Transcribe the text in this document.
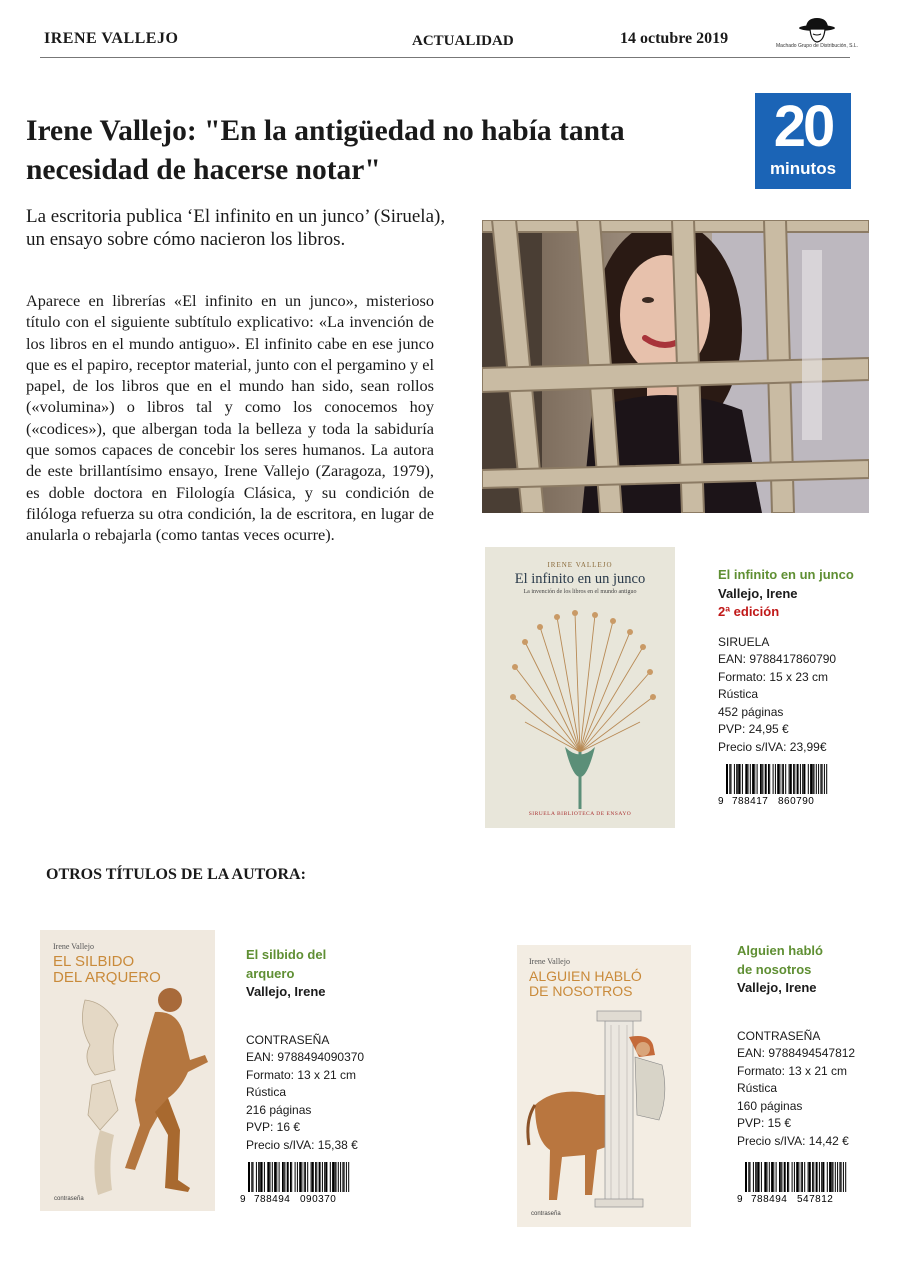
IRENE VALLEJO	ACTUALIDAD	14 octubre 2019	Machado Grupo de Distribución, S.L.
20
minutos
Irene Vallejo: "En la antigüedad no había tanta necesidad de hacerse notar"
La escritoria publica ‘El infinito en un junco’ (Siruela), un ensayo sobre cómo nacieron los libros.
Aparece en librerías «El infinito en un junco», misterioso título con el siguiente subtítulo explicativo: «La invención de los libros en el mundo antiguo». El infinito cabe en ese junco que es el papiro, receptor material, junto con el pergamino y el papel, de los libros que en el mundo han sido, sean rollos («volumina») o libros tal y como los conocemos hoy («codices»), que albergan toda la belleza y toda la sabiduría que somos capaces de concebir los seres humanos. La autora de este brillantísimo ensayo, Irene Vallejo (Zaragoza, 1979), es doble doctora en Filología Clásica, y su condición de filóloga refuerza su otra condición, la de escritora, en lugar de anularla o rebajarla (como tantas veces ocurre).
IRENE VALLEJO
El infinito en un junco
La invención de los libros en el mundo antiguo
SIRUELA BIBLIOTECA DE ENSAYO
El infinito en un junco
Vallejo, Irene
2ª edición
SIRUELA
EAN: 9788417860790
Formato: 15 x 23 cm
Rústica
452 páginas
PVP: 24,95 €
Precio s/IVA: 23,99€
9 788417 860790
OTROS TÍTULOS DE LA AUTORA:
Irene Vallejo
EL SILBIDO
DEL ARQUERO
contraseña
El silbido del
arquero
Vallejo, Irene
CONTRASEÑA
EAN: 9788494090370
Formato: 13 x 21 cm
Rústica
216 páginas
PVP: 16 €
Precio s/IVA: 15,38 €
9 788494 090370
Irene Vallejo
ALGUIEN HABLÓ
DE NOSOTROS
contraseña
Alguien habló
de nosotros
Vallejo, Irene
CONTRASEÑA
EAN: 9788494547812
Formato: 13 x 21 cm
Rústica
160 páginas
PVP: 15 €
Precio s/IVA: 14,42 €
9 788494 547812
